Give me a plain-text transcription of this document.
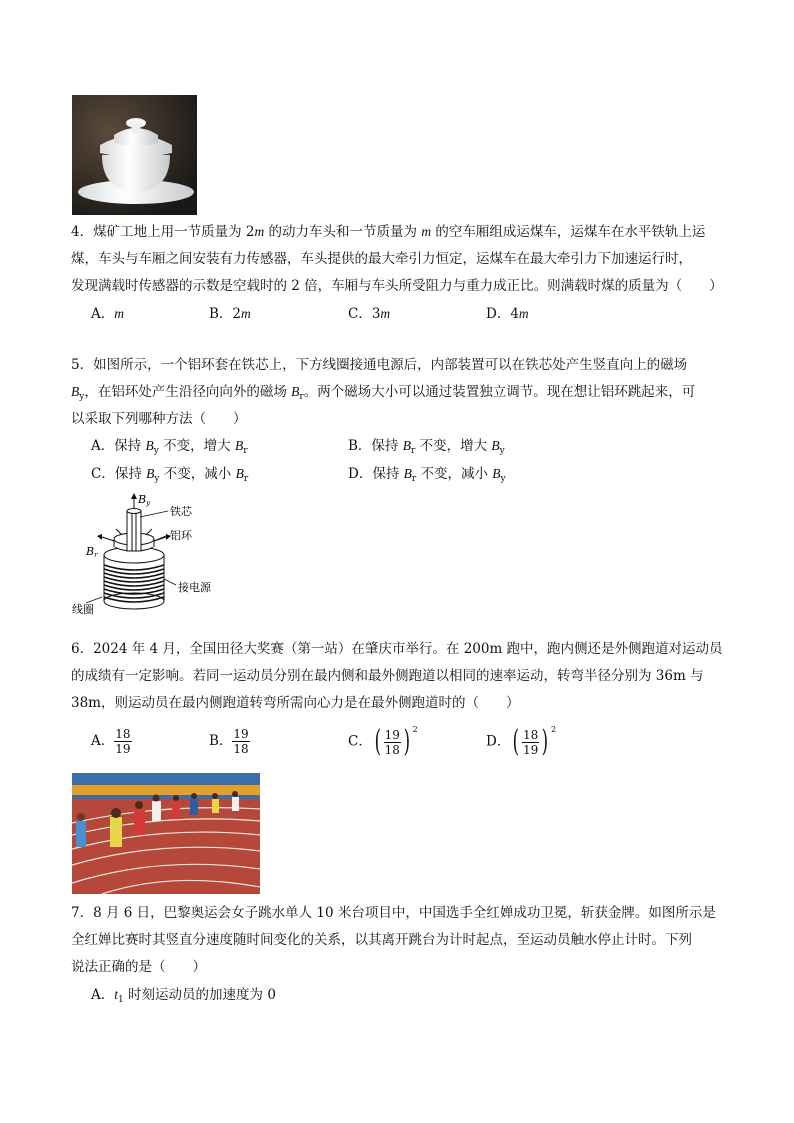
4．煤矿工地上用一节质量为 2m 的动力车头和一节质量为 m 的空车厢组成运煤车，运煤车在水平铁轨上运
煤，车头与车厢之间安装有力传感器，车头提供的最大牵引力恒定，运煤车在最大牵引力下加速运行时，
发现满载时传感器的示数是空载时的 2 倍，车厢与车头所受阻力与重力成正比。则满载时煤的质量为（　　）
A．m	B．2m	C．3m	D．4m
5．如图所示，一个铝环套在铁芯上，下方线圈接通电源后，内部装置可以在铁芯处产生竖直向上的磁场
$B_y$，在铝环处产生沿径向向外的磁场 $B_r$。两个磁场大小可以通过装置独立调节。现在想让铝环跳起来，可
以采取下列哪种方法（　　）
A．保持 $B_y$ 不变，增大 $B_r$	B．保持 $B_r$ 不变，增大 $B_y$
C．保持 $B_y$ 不变，减小 $B_r$	D．保持 $B_r$ 不变，减小 $B_y$
By
铁芯
铝环
Br
接电源
线圈
6．2024 年 4 月，全国田径大奖赛（第一站）在肇庆市举行。在 200m 跑中，跑内侧还是外侧跑道对运动员
的成绩有一定影响。若同一运动员分别在最内侧和最外侧跑道以相同的速率运动，转弯半径分别为 36m 与
38m，则运动员在最内侧跑道转弯所需向心力是在最外侧跑道时的（　　）
A． $\frac{18}{19}$	B． $\frac{19}{18}$	C．( $\frac{19}{18}$ ) $^2$
D．( $\frac{18}{19}$ ) $^2$
7．8 月 6 日，巴黎奥运会女子跳水单人 10 米台项目中，中国选手全红婵成功卫冕，斩获金牌。如图所示是
全红婵比赛时其竖直分速度随时间变化的关系，以其离开跳台为计时起点，至运动员触水停止计时。下列
说法正确的是（　　）
A．$t_1$ 时刻运动员的加速度为 0
